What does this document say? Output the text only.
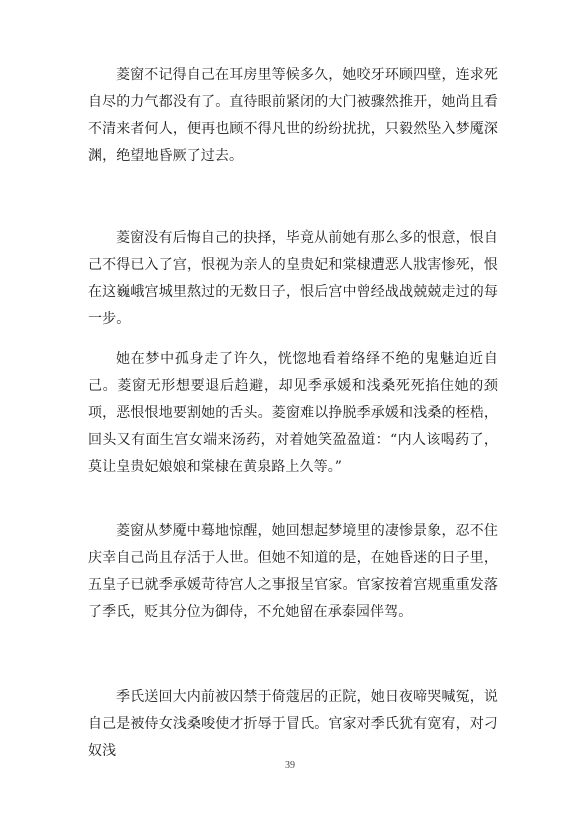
菱窗不记得自己在耳房里等候多久，她咬牙环顾四壁，连求死自尽的力气都没有了。直待眼前紧闭的大门被骤然推开，她尚且看不清来者何人，便再也顾不得凡世的纷纷扰扰，只毅然坠入梦魇深渊，绝望地昏厥了过去。

菱窗没有后悔自己的抉择，毕竟从前她有那么多的恨意，恨自己不得已入了宫，恨视为亲人的皇贵妃和棠棣遭恶人戕害惨死，恨在这巍峨宫城里熬过的无数日子，恨后宫中曾经战战兢兢走过的每一步。

她在梦中孤身走了许久，恍惚地看着络绎不绝的鬼魅迫近自己。菱窗无形想要退后趋避，却见季承媛和浅桑死死掐住她的颈项，恶恨恨地要割她的舌头。菱窗难以挣脱季承媛和浅桑的桎梏，回头又有面生宫女端来汤药，对着她笑盈盈道：“内人该喝药了，莫让皇贵妃娘娘和棠棣在黄泉路上久等。”

菱窗从梦魇中蓦地惊醒，她回想起梦境里的凄惨景象，忍不住庆幸自己尚且存活于人世。但她不知道的是，在她昏迷的日子里，五皇子已就季承媛苛待宫人之事报呈官家。官家按着宫规重重发落了季氏，贬其分位为御侍，不允她留在承泰园伴驾。

季氏送回大内前被囚禁于倚蔻居的正院，她日夜啼哭喊冤，说自己是被侍女浅桑唆使才折辱于冒氏。官家对季氏犹有宽宥，对刁奴浅

39
